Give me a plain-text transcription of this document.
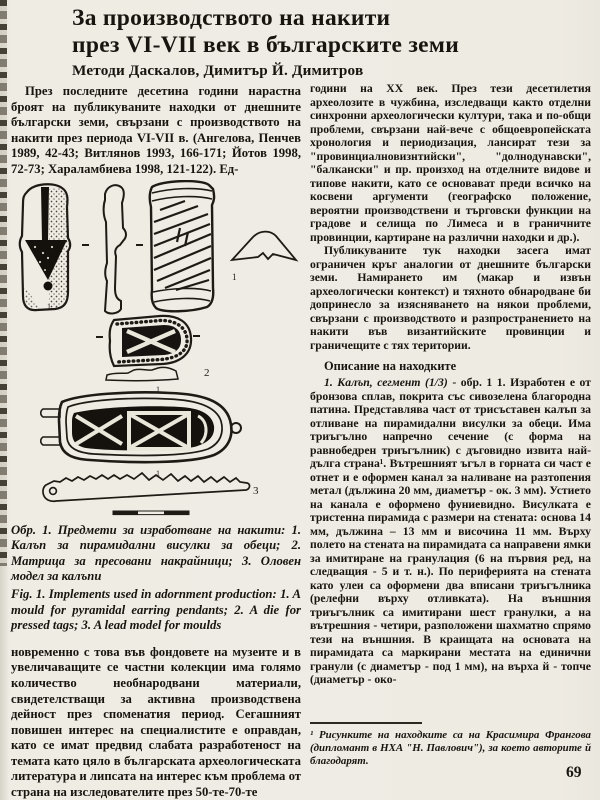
За производството на накити
през VI-VII век в българските земи
Методи Даскалов, Димитър Й. Димитров

През последните десетина години нарастна броят на публикуваните находки от днешните български земи, свързани с производството на накити през периода VI-VII в. (Ангелова, Пенчев 1989, 42-43; Витлянов 1993, 166-171; Йотов 1998, 72-73; Хараламбиева 1998, 121-122). Ед-

1
1
2
1
1
3

Обр. 1. Предмети за изработване на накити: 1. Калъп за пирамидални висулки за обеци; 2. Матрица за пресовани накрайници; 3. Оловен модел за калъпи

Fig. 1. Implements used in adornment production: 1. A mould for pyramidal earring pendants; 2. A die for pressed tags; 3. A lead model for moulds

новременно с това във фондовете на музеите и в увеличаващите се частни колекции има голямо количество необнародвани материали, свидетелстващи за активна производствена дейност през споменатия период. Сегашният повишен интерес на специалистите е оправдан, като се имат предвид слабата разработеност на темата като цяло в българската археологическата литература и липсата на интерес към проблема от страна на изследователите през 50-те-70-те

години на XX век. През тези десетилетия археолозите в чужбина, изследващи както отделни синхронни археологически култури, така и по-общи проблеми, свързани най-вече с общоевропейската хронология и периодизация, лансират тези за "провинциалновизнтийски", "долнодунавски", "балкански" и пр. произход на отделните видове и типове накити, като се основават преди всичко на косвени аргументи (географско положение, вероятни производствени и търговски функции на градове и селища по Лимеса и в граничните провинции, картиране на различни находки и др.).

Публикуваните тук находки засега имат ограничен кръг аналогии от днешните български земи. Намирането им (макар и извън археологически контекст) и тяхното обнародване би допринесло за изясняването на някои проблеми, свързани с производството и разпространението на накити във византийските провинции и граничещите с тях територии.

Описание на находките

1. Калъп, сегмент (1/3) - обр. 1 1. Изработен е от бронзова сплав, покрита със сивозелена благородна патина. Представлява част от трисъставен калъп за отливане на пирамидални висулки за обеци. Има триъгълно напречно сечение (с форма на равнобедрен триъгълник) с дъговидно извита най-дълга страна¹. Вътрешният ъгъл в горната си част е отнет и е оформен канал за наливане на разтопения метал (дължина 20 мм, диаметър - ок. 3 мм). Устието на канала е оформено фуниевидно. Висулката е тристенна пирамида с размери на стената: основа 14 мм, дължина – 13 мм и височина 11 мм. Върху полето на стената на пирамидата са направени ямки за имитиране на гранулация (6 на първия ред, на следващия - 5 и т. н.). По периферията на стената като улеи са оформени два вписани триъгълника (релефни върху отливката). На външния триъгълник са имитирани шест гранулки, а на вътрешния - четири, разположени шахматно спрямо тези на външния. В краищата на основата на пирамидата са маркирани местата на единични гранули (с диаметър - под 1 мм), на върха й - топче (диаметър - око-

¹ Рисунките на находките са на Красимира Франгова (дипломант в НХА "Н. Павлович"), за което авторите й благодарят.

69
